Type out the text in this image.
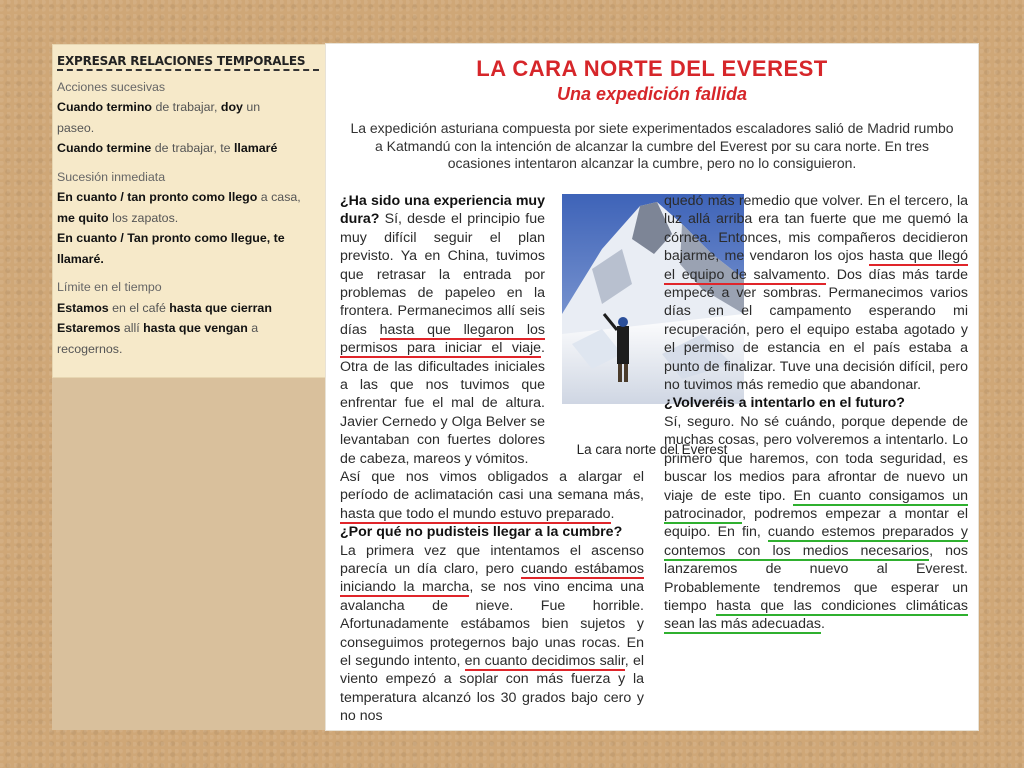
EXPRESAR RELACIONES TEMPORALES
Acciones sucesivas
Cuando termino de trabajar, doy un
paseo.
Cuando termine de trabajar, te llamaré
Sucesión inmediata
En cuanto / tan pronto como llego a casa,
me quito los zapatos.
En cuanto / Tan pronto como llegue, te
llamaré.
Límite en el tiempo
Estamos en el café hasta que cierran
Estaremos allí hasta que vengan a
recogernos.
LA CARA NORTE DEL EVEREST
Una expedición fallida
La expedición asturiana compuesta por siete experimentados escaladores salió de Madrid rumbo a Katmandú con la intención de alcanzar la cumbre del Everest por su cara norte. En tres ocasiones intentaron alcanzar la cumbre, pero no lo consiguieron.
¿Ha sido una experiencia muy dura? Sí, desde el principio fue muy difícil seguir el plan previsto. Ya en China, tuvimos que retrasar la entrada por problemas de papeleo en la frontera. Permanecimos allí seis días hasta que llegaron los permisos para iniciar el viaje. Otra de las dificultades iniciales a las que nos tuvimos que enfrentar fue el mal de altura. Javier Cernedo y Olga Belver se levantaban con fuertes dolores de cabeza, mareos y vómitos.
La cara norte del Everest
Así que nos vimos obligados a alargar el período de aclimatación casi una semana más, hasta que todo el mundo estuvo preparado.
¿Por qué no pudisteis llegar a la cumbre?
La primera vez que intentamos el ascenso parecía un día claro, pero cuando estábamos iniciando la marcha, se nos vino encima una avalancha de nieve. Fue horrible. Afortunadamente estábamos bien sujetos y conseguimos protegernos bajo unas rocas. En el segundo intento, en cuanto decidimos salir, el viento empezó a soplar con más fuerza y la temperatura alcanzó los 30 grados bajo cero y no nos
quedó más remedio que volver. En el tercero, la luz allá arriba era tan fuerte que me quemó la córnea. Entonces, mis compañeros decidieron bajarme, me vendaron los ojos hasta que llegó el equipo de salvamento. Dos días más tarde empecé a ver sombras. Permanecimos varios días en el campamento esperando mi recuperación, pero el equipo estaba agotado y el permiso de estancia en el país estaba a punto de finalizar. Tuve una decisión difícil, pero no tuvimos más remedio que abandonar.
¿Volveréis a intentarlo en el futuro?
Sí, seguro. No sé cuándo, porque depende de muchas cosas, pero volveremos a intentarlo. Lo primero que haremos, con toda seguridad, es buscar los medios para afrontar de nuevo un viaje de este tipo. En cuanto consigamos un patrocinador, podremos empezar a montar el equipo. En fin, cuando estemos preparados y contemos con los medios necesarios, nos lanzaremos de nuevo al Everest. Probablemente tendremos que esperar un tiempo hasta que las condiciones climáticas sean las más adecuadas.
